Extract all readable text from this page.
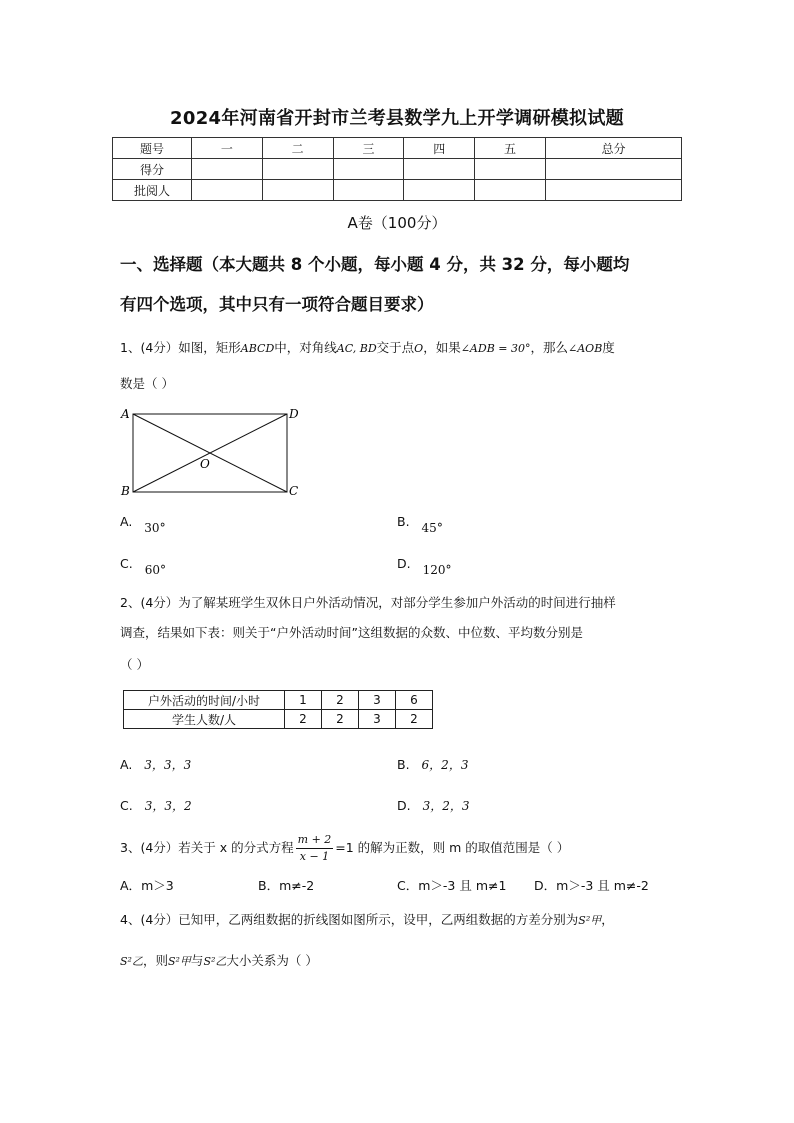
2024年河南省开封市兰考县数学九上开学调研模拟试题
题号	一	二	三	四	五	总分
得分						
批阅人						
A卷（100分）
一、选择题（本大题共 8 个小题，每小题 4 分，共 32 分，每小题均
有四个选项，其中只有一项符合题目要求）
1、(4分）如图，矩形ABCD中，对角线AC, BD交于点O，如果∠ADB = 30°，那么∠AOB度
数是（ ）
A
B	C
D
O
A. 30°	B. 45°
C. 60°	D. 120°
2、(4分）为了解某班学生双休日户外活动情况，对部分学生参加户外活动的时间进行抽样
调查，结果如下表：则关于“户外活动时间”这组数据的众数、中位数、平均数分别是
（ ）
户外活动的时间/小时	1	2	3	6
学生人数/人	2	2	3	2
A. 3，3，3	B. 6，2，3
C. 3，3，2	D. 3，2，3
3、(4分）若关于 x 的分式方程 $\frac{m + 2}{x - 1} =1$ 的解为正数，则 m 的取值范围是（ ）
A．m＞3	B．m≠-2	C．m＞-3 且 m≠1 D．m＞-3 且 m≠-2
4、(4分）已知甲，乙两组数据的折线图如图所示，设甲，乙两组数据的方差分别为S²甲，
S²乙，则S²甲与S²乙大小关系为（ ）
